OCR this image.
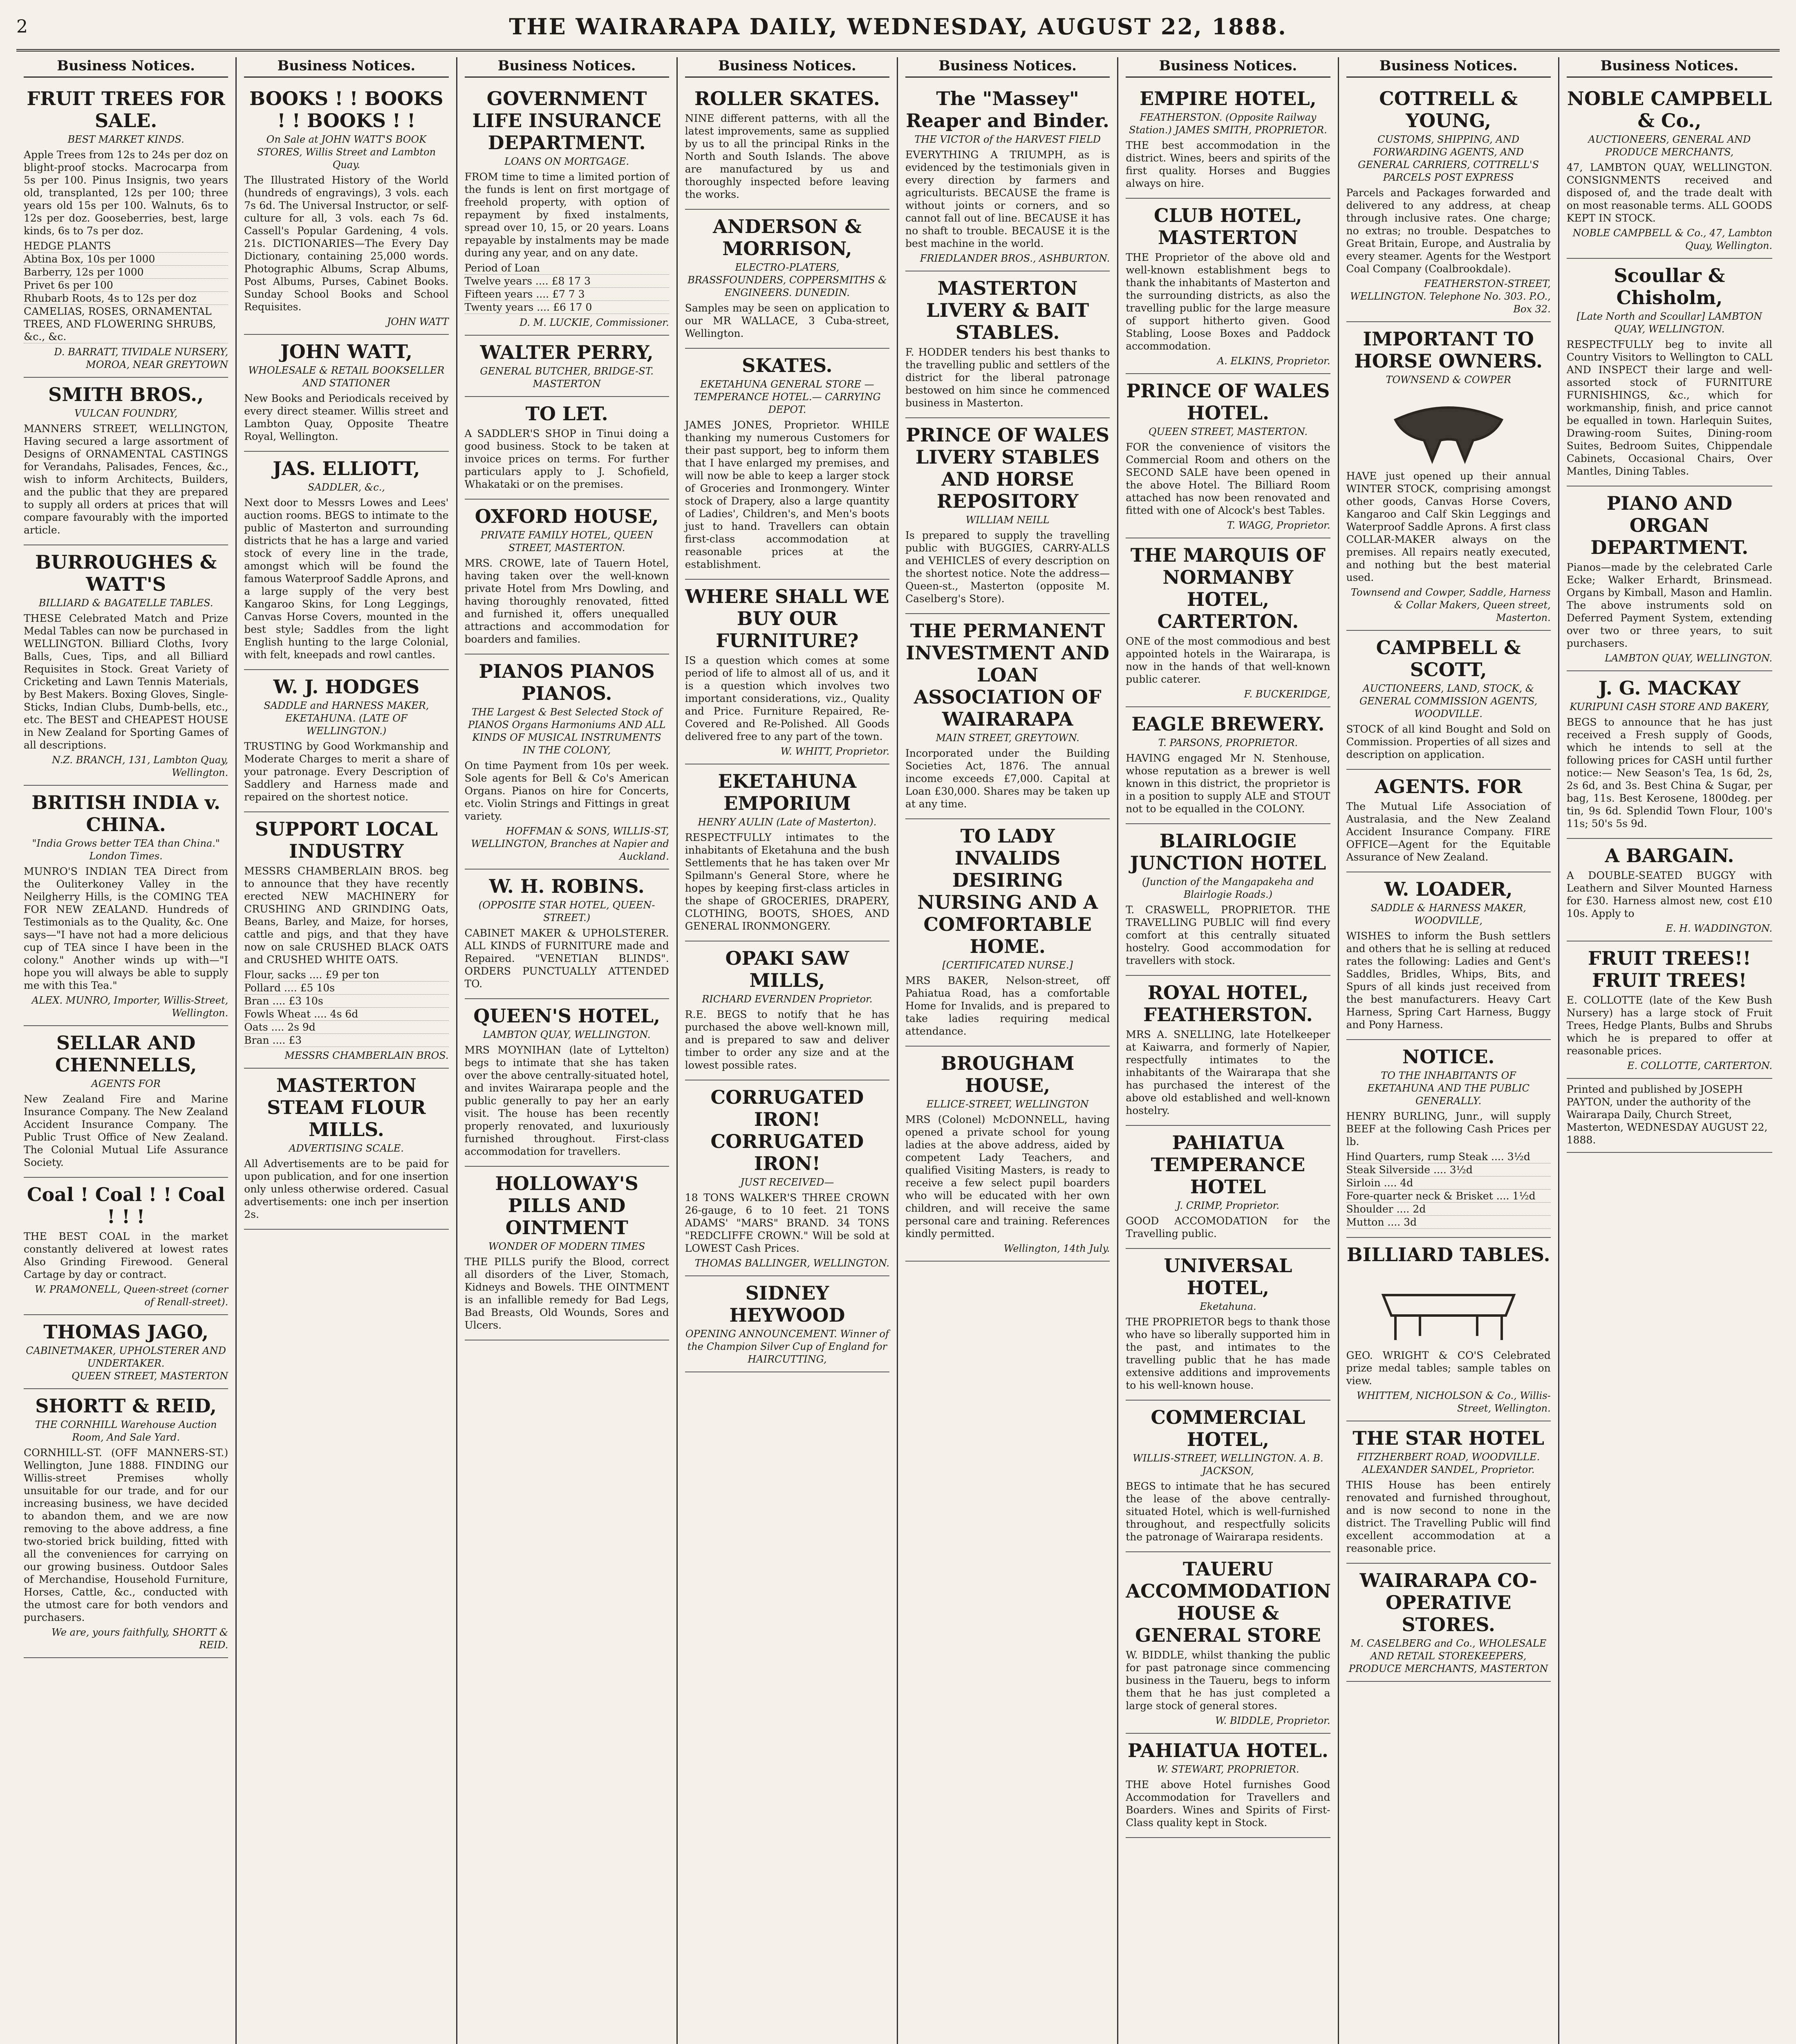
2	THE WAIRARAPA DAILY, WEDNESDAY, AUGUST 22, 1888.
Business Notices.
FRUIT TREES FOR SALE.
BEST MARKET KINDS.

Apple Trees from 12s to 24s per doz on blight-proof stocks. Macrocarpa from 5s per 100. Pinus Insignis, two years old, transplanted, 12s per 100; three years old 15s per 100. Walnuts, 6s to 12s per doz. Gooseberries, best, large kinds, 6s to 7s per doz.

HEDGE PLANTS
Abtina Box, 10s per 1000
Barberry, 12s per 1000
Privet 6s per 100
Rhubarb Roots, 4s to 12s per doz
CAMELIAS, ROSES, ORNAMENTAL TREES, AND FLOWERING SHRUBS, &c., &c.
D. BARRATT, TIVIDALE NURSERY, MOROA, NEAR GREYTOWN
SMITH BROS.,
VULCAN FOUNDRY,

MANNERS STREET, WELLINGTON, Having secured a large assortment of Designs of ORNAMENTAL CASTINGS for Verandahs, Palisades, Fences, &c., wish to inform Architects, Builders, and the public that they are prepared to supply all orders at prices that will compare favourably with the imported article.

BURROUGHES & WATT'S
BILLIARD & BAGATELLE TABLES.

THESE Celebrated Match and Prize Medal Tables can now be purchased in WELLINGTON. Billiard Cloths, Ivory Balls, Cues, Tips, and all Billiard Requisites in Stock. Great Variety of Cricketing and Lawn Tennis Materials, by Best Makers. Boxing Gloves, Single-Sticks, Indian Clubs, Dumb-bells, etc., etc. The BEST and CHEAPEST HOUSE in New Zealand for Sporting Games of all descriptions.

N.Z. BRANCH, 131, Lambton Quay, Wellington.
BRITISH INDIA v. CHINA.
"India Grows better TEA than China." London Times.

MUNRO'S INDIAN TEA Direct from the Ouliterkoney Valley in the Neilgherry Hills, is the COMING TEA FOR NEW ZEALAND. Hundreds of Testimonials as to the Quality, &c. One says—"I have not had a more delicious cup of TEA since I have been in the colony." Another winds up with—"I hope you will always be able to supply me with this Tea."

ALEX. MUNRO, Importer, Willis-Street, Wellington.
SELLAR AND CHENNELLS,
AGENTS FOR

New Zealand Fire and Marine Insurance Company. The New Zealand Accident Insurance Company. The Public Trust Office of New Zealand. The Colonial Mutual Life Assurance Society.

Coal ! Coal ! ! Coal ! ! !

THE BEST COAL in the market constantly delivered at lowest rates Also Grinding Firewood. General Cartage by day or contract.

W. PRAMONELL, Queen-street (corner of Renall-street).
THOMAS JAGO,
CABINETMAKER, UPHOLSTERER AND UNDERTAKER.
QUEEN STREET, MASTERTON
SHORTT & REID,
THE CORNHILL Warehouse Auction Room, And Sale Yard.

CORNHILL-ST. (OFF MANNERS-ST.) Wellington, June 1888. FINDING our Willis-street Premises wholly unsuitable for our trade, and for our increasing business, we have decided to abandon them, and we are now removing to the above address, a fine two-storied brick building, fitted with all the conveniences for carrying on our growing business. Outdoor Sales of Merchandise, Household Furniture, Horses, Cattle, &c., conducted with the utmost care for both vendors and purchasers.

We are, yours faithfully, SHORTT & REID.
Business Notices.
BOOKS ! ! BOOKS ! ! BOOKS ! !
On Sale at JOHN WATT'S BOOK STORES, Willis Street and Lambton Quay.

The Illustrated History of the World (hundreds of engravings), 3 vols. each 7s 6d. The Universal Instructor, or self-culture for all, 3 vols. each 7s 6d. Cassell's Popular Gardening, 4 vols. 21s. DICTIONARIES—The Every Day Dictionary, containing 25,000 words. Photographic Albums, Scrap Albums, Post Albums, Purses, Cabinet Books. Sunday School Books and School Requisites.

JOHN WATT
JOHN WATT,
WHOLESALE & RETAIL BOOKSELLER AND STATIONER

New Books and Periodicals received by every direct steamer. Willis street and Lambton Quay, Opposite Theatre Royal, Wellington.

JAS. ELLIOTT,
SADDLER, &c.,

Next door to Messrs Lowes and Lees' auction rooms. BEGS to intimate to the public of Masterton and surrounding districts that he has a large and varied stock of every line in the trade, amongst which will be found the famous Waterproof Saddle Aprons, and a large supply of the very best Kangaroo Skins, for Long Leggings, Canvas Horse Covers, mounted in the best style; Saddles from the light English hunting to the large Colonial, with felt, kneepads and rowl cantles.

W. J. HODGES
SADDLE and HARNESS MAKER, EKETAHUNA. (LATE OF WELLINGTON.)

TRUSTING by Good Workmanship and Moderate Charges to merit a share of your patronage. Every Description of Saddlery and Harness made and repaired on the shortest notice.

SUPPORT LOCAL INDUSTRY

MESSRS CHAMBERLAIN BROS. beg to announce that they have recently erected NEW MACHINERY for CRUSHING AND GRINDING Oats, Beans, Barley, and Maize, for horses, cattle and pigs, and that they have now on sale CRUSHED BLACK OATS and CRUSHED WHITE OATS.

Flour, sacks .... £9 per ton
Pollard .... £5 10s
Bran .... £3 10s
Fowls Wheat .... 4s 6d
Oats .... 2s 9d
Bran .... £3
MESSRS CHAMBERLAIN BROS.
MASTERTON STEAM FLOUR MILLS.
ADVERTISING SCALE.

All Advertisements are to be paid for upon publication, and for one insertion only unless otherwise ordered. Casual advertisements: one inch per insertion 2s.

Business Notices.
GOVERNMENT LIFE INSURANCE DEPARTMENT.
LOANS ON MORTGAGE.

FROM time to time a limited portion of the funds is lent on first mortgage of freehold property, with option of repayment by fixed instalments, spread over 10, 15, or 20 years. Loans repayable by instalments may be made during any year, and on any date.

Period of Loan
Twelve years .... £8 17 3
Fifteen years .... £7 7 3
Twenty years .... £6 17 0
D. M. LUCKIE, Commissioner.
WALTER PERRY,
GENERAL BUTCHER, BRIDGE-ST. MASTERTON
TO LET.

A SADDLER'S SHOP in Tinui doing a good business. Stock to be taken at invoice prices on terms. For further particulars apply to J. Schofield, Whakataki or on the premises.

OXFORD HOUSE,
PRIVATE FAMILY HOTEL, QUEEN STREET, MASTERTON.

MRS. CROWE, late of Tauern Hotel, having taken over the well-known private Hotel from Mrs Dowling, and having thoroughly renovated, fitted and furnished it, offers unequalled attractions and accommodation for boarders and families.

PIANOS PIANOS PIANOS.
THE Largest & Best Selected Stock of PIANOS Organs Harmoniums AND ALL KINDS OF MUSICAL INSTRUMENTS IN THE COLONY,

On time Payment from 10s per week. Sole agents for Bell & Co's American Organs. Pianos on hire for Concerts, etc. Violin Strings and Fittings in great variety.

HOFFMAN & SONS, WILLIS-ST, WELLINGTON, Branches at Napier and Auckland.
W. H. ROBINS.
(OPPOSITE STAR HOTEL, QUEEN-STREET.)

CABINET MAKER & UPHOLSTERER. ALL KINDS of FURNITURE made and Repaired. "VENETIAN BLINDS". ORDERS PUNCTUALLY ATTENDED TO.

QUEEN'S HOTEL,
LAMBTON QUAY, WELLINGTON.

MRS MOYNIHAN (late of Lyttelton) begs to intimate that she has taken over the above centrally-situated hotel, and invites Wairarapa people and the public generally to pay her an early visit. The house has been recently properly renovated, and luxuriously furnished throughout. First-class accommodation for travellers.

HOLLOWAY'S PILLS AND OINTMENT
WONDER OF MODERN TIMES

THE PILLS purify the Blood, correct all disorders of the Liver, Stomach, Kidneys and Bowels. THE OINTMENT is an infallible remedy for Bad Legs, Bad Breasts, Old Wounds, Sores and Ulcers.

Business Notices.
ROLLER SKATES.

NINE different patterns, with all the latest improvements, same as supplied by us to all the principal Rinks in the North and South Islands. The above are manufactured by us and thoroughly inspected before leaving the works.

ANDERSON & MORRISON,
ELECTRO-PLATERS, BRASSFOUNDERS, COPPERSMITHS & ENGINEERS. DUNEDIN.

Samples may be seen on application to our MR WALLACE, 3 Cuba-street, Wellington.

SKATES.
EKETAHUNA GENERAL STORE —TEMPERANCE HOTEL.— CARRYING DEPOT.

JAMES JONES, Proprietor. WHILE thanking my numerous Customers for their past support, beg to inform them that I have enlarged my premises, and will now be able to keep a larger stock of Groceries and Ironmongery. Winter stock of Drapery, also a large quantity of Ladies', Children's, and Men's boots just to hand. Travellers can obtain first-class accommodation at reasonable prices at the establishment.

WHERE SHALL WE BUY OUR FURNITURE?

IS a question which comes at some period of life to almost all of us, and it is a question which involves two important considerations, viz., Quality and Price. Furniture Repaired, Re-Covered and Re-Polished. All Goods delivered free to any part of the town.

W. WHITT, Proprietor.
EKETAHUNA EMPORIUM
HENRY AULIN (Late of Masterton).

RESPECTFULLY intimates to the inhabitants of Eketahuna and the bush Settlements that he has taken over Mr Spilmann's General Store, where he hopes by keeping first-class articles in the shape of GROCERIES, DRAPERY, CLOTHING, BOOTS, SHOES, AND GENERAL IRONMONGERY.

OPAKI SAW MILLS,
RICHARD EVERNDEN Proprietor.

R.E. BEGS to notify that he has purchased the above well-known mill, and is prepared to saw and deliver timber to order any size and at the lowest possible rates.

CORRUGATED IRON! CORRUGATED IRON!
JUST RECEIVED—

18 TONS WALKER'S THREE CROWN 26-gauge, 6 to 10 feet. 21 TONS ADAMS' "MARS" BRAND. 34 TONS "REDCLIFFE CROWN." Will be sold at LOWEST Cash Prices.

THOMAS BALLINGER, WELLINGTON.
SIDNEY HEYWOOD
OPENING ANNOUNCEMENT. Winner of the Champion Silver Cup of England for HAIRCUTTING,
Business Notices.
The "Massey" Reaper and Binder.
THE VICTOR of the HARVEST FIELD

EVERYTHING A TRIUMPH, as is evidenced by the testimonials given in every direction by farmers and agriculturists. BECAUSE the frame is without joints or corners, and so cannot fall out of line. BECAUSE it has no shaft to trouble. BECAUSE it is the best machine in the world.

FRIEDLANDER BROS., ASHBURTON.
MASTERTON LIVERY & BAIT STABLES.

F. HODDER tenders his best thanks to the travelling public and settlers of the district for the liberal patronage bestowed on him since he commenced business in Masterton.

PRINCE OF WALES LIVERY STABLES AND HORSE REPOSITORY
WILLIAM NEILL

Is prepared to supply the travelling public with BUGGIES, CARRY-ALLS and VEHICLES of every description on the shortest notice. Note the address—Queen-st., Masterton (opposite M. Caselberg's Store).

THE PERMANENT INVESTMENT AND LOAN ASSOCIATION OF WAIRARAPA
MAIN STREET, GREYTOWN.

Incorporated under the Building Societies Act, 1876. The annual income exceeds £7,000. Capital at Loan £30,000. Shares may be taken up at any time.

TO LADY INVALIDS DESIRING NURSING AND A COMFORTABLE HOME.
[CERTIFICATED NURSE.]

MRS BAKER, Nelson-street, off Pahiatua Road, has a comfortable Home for Invalids, and is prepared to take ladies requiring medical attendance.

BROUGHAM HOUSE,
ELLICE-STREET, WELLINGTON

MRS (Colonel) McDONNELL, having opened a private school for young ladies at the above address, aided by competent Lady Teachers, and qualified Visiting Masters, is ready to receive a few select pupil boarders who will be educated with her own children, and will receive the same personal care and training. References kindly permitted.

Wellington, 14th July.
Business Notices.
EMPIRE HOTEL,
FEATHERSTON. (Opposite Railway Station.) JAMES SMITH, PROPRIETOR.

THE best accommodation in the district. Wines, beers and spirits of the first quality. Horses and Buggies always on hire.

CLUB HOTEL, MASTERTON

THE Proprietor of the above old and well-known establishment begs to thank the inhabitants of Masterton and the surrounding districts, as also the travelling public for the large measure of support hitherto given. Good Stabling, Loose Boxes and Paddock accommodation.

A. ELKINS, Proprietor.
PRINCE OF WALES HOTEL.
QUEEN STREET, MASTERTON.

FOR the convenience of visitors the Commercial Room and others on the SECOND SALE have been opened in the above Hotel. The Billiard Room attached has now been renovated and fitted with one of Alcock's best Tables.

T. WAGG, Proprietor.
THE MARQUIS OF NORMANBY HOTEL, CARTERTON.

ONE of the most commodious and best appointed hotels in the Wairarapa, is now in the hands of that well-known public caterer.

F. BUCKERIDGE,
EAGLE BREWERY.
T. PARSONS, PROPRIETOR.

HAVING engaged Mr N. Stenhouse, whose reputation as a brewer is well known in this district, the proprietor is in a position to supply ALE and STOUT not to be equalled in the COLONY.

BLAIRLOGIE JUNCTION HOTEL
(Junction of the Mangapakeha and Blairlogie Roads.)

T. CRASWELL, PROPRIETOR. THE TRAVELLING PUBLIC will find every comfort at this centrally situated hostelry. Good accommodation for travellers with stock.

ROYAL HOTEL, FEATHERSTON.

MRS A. SNELLING, late Hotelkeeper at Kaiwarra, and formerly of Napier, respectfully intimates to the inhabitants of the Wairarapa that she has purchased the interest of the above old established and well-known hostelry.

PAHIATUA TEMPERANCE HOTEL
J. CRIMP, Proprietor.

GOOD ACCOMODATION for the Travelling public.

UNIVERSAL HOTEL,
Eketahuna.

THE PROPRIETOR begs to thank those who have so liberally supported him in the past, and intimates to the travelling public that he has made extensive additions and improvements to his well-known house.

COMMERCIAL HOTEL,
WILLIS-STREET, WELLINGTON. A. B. JACKSON,

BEGS to intimate that he has secured the lease of the above centrally-situated Hotel, which is well-furnished throughout, and respectfully solicits the patronage of Wairarapa residents.

TAUERU ACCOMMODATION HOUSE & GENERAL STORE

W. BIDDLE, whilst thanking the public for past patronage since commencing business in the Taueru, begs to inform them that he has just completed a large stock of general stores.

W. BIDDLE, Proprietor.
PAHIATUA HOTEL.
W. STEWART, PROPRIETOR.

THE above Hotel furnishes Good Accommodation for Travellers and Boarders. Wines and Spirits of First-Class quality kept in Stock.

Business Notices.
COTTRELL & YOUNG,
CUSTOMS, SHIPPING, AND FORWARDING AGENTS, AND GENERAL CARRIERS, COTTRELL'S PARCELS POST EXPRESS

Parcels and Packages forwarded and delivered to any address, at cheap through inclusive rates. One charge; no extras; no trouble. Despatches to Great Britain, Europe, and Australia by every steamer. Agents for the Westport Coal Company (Coalbrookdale).

FEATHERSTON-STREET, WELLINGTON. Telephone No. 303. P.O., Box 32.
IMPORTANT TO HORSE OWNERS.
TOWNSEND & COWPER

HAVE just opened up their annual WINTER STOCK, comprising amongst other goods, Canvas Horse Covers, Kangaroo and Calf Skin Leggings and Waterproof Saddle Aprons. A first class COLLAR-MAKER always on the premises. All repairs neatly executed, and nothing but the best material used.

Townsend and Cowper, Saddle, Harness & Collar Makers, Queen street, Masterton.
CAMPBELL & SCOTT,
AUCTIONEERS, LAND, STOCK, & GENERAL COMMISSION AGENTS, WOODVILLE.

STOCK of all kind Bought and Sold on Commission. Properties of all sizes and description on application.

AGENTS. FOR

The Mutual Life Association of Australasia, and the New Zealand Accident Insurance Company. FIRE OFFICE—Agent for the Equitable Assurance of New Zealand.

W. LOADER,
SADDLE & HARNESS MAKER, WOODVILLE,

WISHES to inform the Bush settlers and others that he is selling at reduced rates the following: Ladies and Gent's Saddles, Bridles, Whips, Bits, and Spurs of all kinds just received from the best manufacturers. Heavy Cart Harness, Spring Cart Harness, Buggy and Pony Harness.

NOTICE.
TO THE INHABITANTS OF EKETAHUNA AND THE PUBLIC GENERALLY.

HENRY BURLING, Junr., will supply BEEF at the following Cash Prices per lb.

Hind Quarters, rump Steak .... 3½d
Steak Silverside .... 3½d
Sirloin .... 4d
Fore-quarter neck & Brisket .... 1½d
Shoulder .... 2d
Mutton .... 3d
BILLIARD TABLES.

GEO. WRIGHT & CO'S Celebrated prize medal tables; sample tables on view.

WHITTEM, NICHOLSON & Co., Willis-Street, Wellington.
THE STAR HOTEL
FITZHERBERT ROAD, WOODVILLE. ALEXANDER SANDEL, Proprietor.

THIS House has been entirely renovated and furnished throughout, and is now second to none in the district. The Travelling Public will find excellent accommodation at a reasonable price.

WAIRARAPA CO-OPERATIVE STORES.
M. CASELBERG and Co., WHOLESALE AND RETAIL STOREKEEPERS, PRODUCE MERCHANTS, MASTERTON
Business Notices.
NOBLE CAMPBELL & Co.,
AUCTIONEERS, GENERAL AND PRODUCE MERCHANTS,

47, LAMBTON QUAY, WELLINGTON. CONSIGNMENTS received and disposed of, and the trade dealt with on most reasonable terms. ALL GOODS KEPT IN STOCK.

NOBLE CAMPBELL & Co., 47, Lambton Quay, Wellington.
Scoullar & Chisholm,
[Late North and Scoullar] LAMBTON QUAY, WELLINGTON.

RESPECTFULLY beg to invite all Country Visitors to Wellington to CALL AND INSPECT their large and well-assorted stock of FURNITURE FURNISHINGS, &c., which for workmanship, finish, and price cannot be equalled in town. Harlequin Suites, Drawing-room Suites, Dining-room Suites, Bedroom Suites, Chippendale Cabinets, Occasional Chairs, Over Mantles, Dining Tables.

PIANO AND ORGAN DEPARTMENT.

Pianos—made by the celebrated Carle Ecke; Walker Erhardt, Brinsmead. Organs by Kimball, Mason and Hamlin. The above instruments sold on Deferred Payment System, extending over two or three years, to suit purchasers.

LAMBTON QUAY, WELLINGTON.
J. G. MACKAY
KURIPUNI CASH STORE AND BAKERY,

BEGS to announce that he has just received a Fresh supply of Goods, which he intends to sell at the following prices for CASH until further notice:— New Season's Tea, 1s 6d, 2s, 2s 6d, and 3s. Best China & Sugar, per bag, 11s. Best Kerosene, 1800deg. per tin, 9s 6d. Splendid Town Flour, 100's 11s; 50's 5s 9d.

A BARGAIN.

A DOUBLE-SEATED BUGGY with Leathern and Silver Mounted Harness for £30. Harness almost new, cost £10 10s. Apply to

E. H. WADDINGTON.
FRUIT TREES!! FRUIT TREES!

E. COLLOTTE (late of the Kew Bush Nursery) has a large stock of Fruit Trees, Hedge Plants, Bulbs and Shrubs which he is prepared to offer at reasonable prices.

E. COLLOTTE, CARTERTON.
Printed and published by JOSEPH PAYTON, under the authority of the Wairarapa Daily, Church Street, Masterton, WEDNESDAY AUGUST 22, 1888.
